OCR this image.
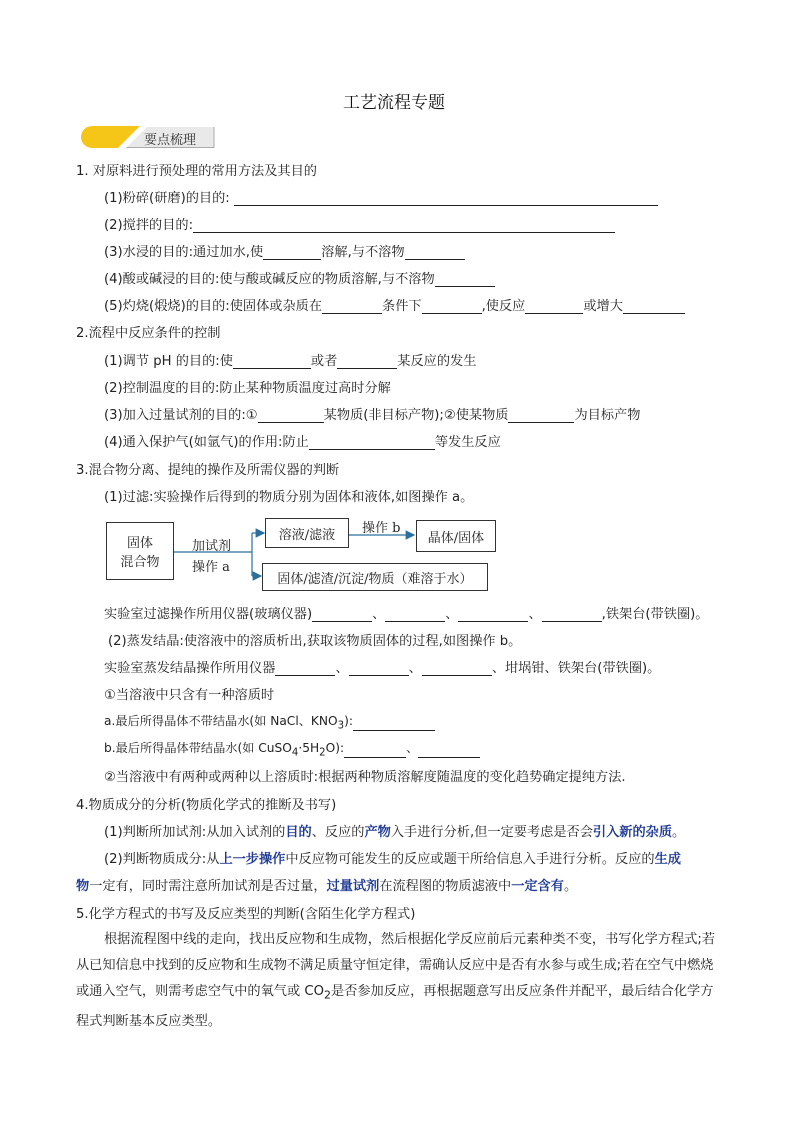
工艺流程专题
要点梳理
1. 对原料进行预处理的常用方法及其目的
(1)粉碎(研磨)的目的:
(2)搅拌的目的:
(3)水浸的目的:通过加水,使	溶解,与不溶物
(4)酸或碱浸的目的:使与酸或碱反应的物质溶解,与不溶物
(5)灼烧(煅烧)的目的:使固体或杂质在	条件下	,使反应	或增大
2.流程中反应条件的控制
(1)调节 pH 的目的:使	或者	某反应的发生
(2)控制温度的目的:防止某种物质温度过高时分解
(3)加入过量试剂的目的:①	某物质(非目标产物);②使某物质	为目标产物
(4)通入保护气(如氩气)的作用:防止	等发生反应
3.混合物分离、提纯的操作及所需仪器的判断
(1)过滤:实验操作后得到的物质分别为固体和液体,如图操作 a。
固体
混合物
溶液/滤液	晶体/固体
固体/滤渣/沉淀/物质（难溶于水）
加试剂
操作 a
操作 b
实验室过滤操作所用仪器(玻璃仪器)	、	、	、	,铁架台(带铁圈)。
(2)蒸发结晶:使溶液中的溶质析出,获取该物质固体的过程,如图操作 b。
实验室蒸发结晶操作所用仪器	、	、	、坩埚钳、铁架台(带铁圈)。
①当溶液中只含有一种溶质时
a.最后所得晶体不带结晶水(如 NaCl、$KNO_3$):
b.最后所得晶体带结晶水(如 $CuSO_4\cdot 5H_2O$):	、
②当溶液中有两种或两种以上溶质时:根据两种物质溶解度随温度的变化趋势确定提纯方法.
4.物质成分的分析(物质化学式的推断及书写)
(1)判断所加试剂:从加入试剂的目的、反应的产物入手进行分析,但一定要考虑是否会引入新的杂质。
(2)判断物质成分:从上一步操作中反应物可能发生的反应或题干所给信息入手进行分析。反应的生成
物一定有，同时需注意所加试剂是否过量，过量试剂在流程图的物质滤液中一定含有。
5.化学方程式的书写及反应类型的判断(含陌生化学方程式)
根据流程图中线的走向，找出反应物和生成物，然后根据化学反应前后元素种类不变，书写化学方程式;若从已知信息中找到的反应物和生成物不满足质量守恒定律，需确认反应中是否有水参与或生成;若在空气中燃烧或通入空气，则需考虑空气中的氧气或 $CO_2$是否参加反应，再根据题意写出反应条件并配平，最后结合化学方程式判断基本反应类型。
